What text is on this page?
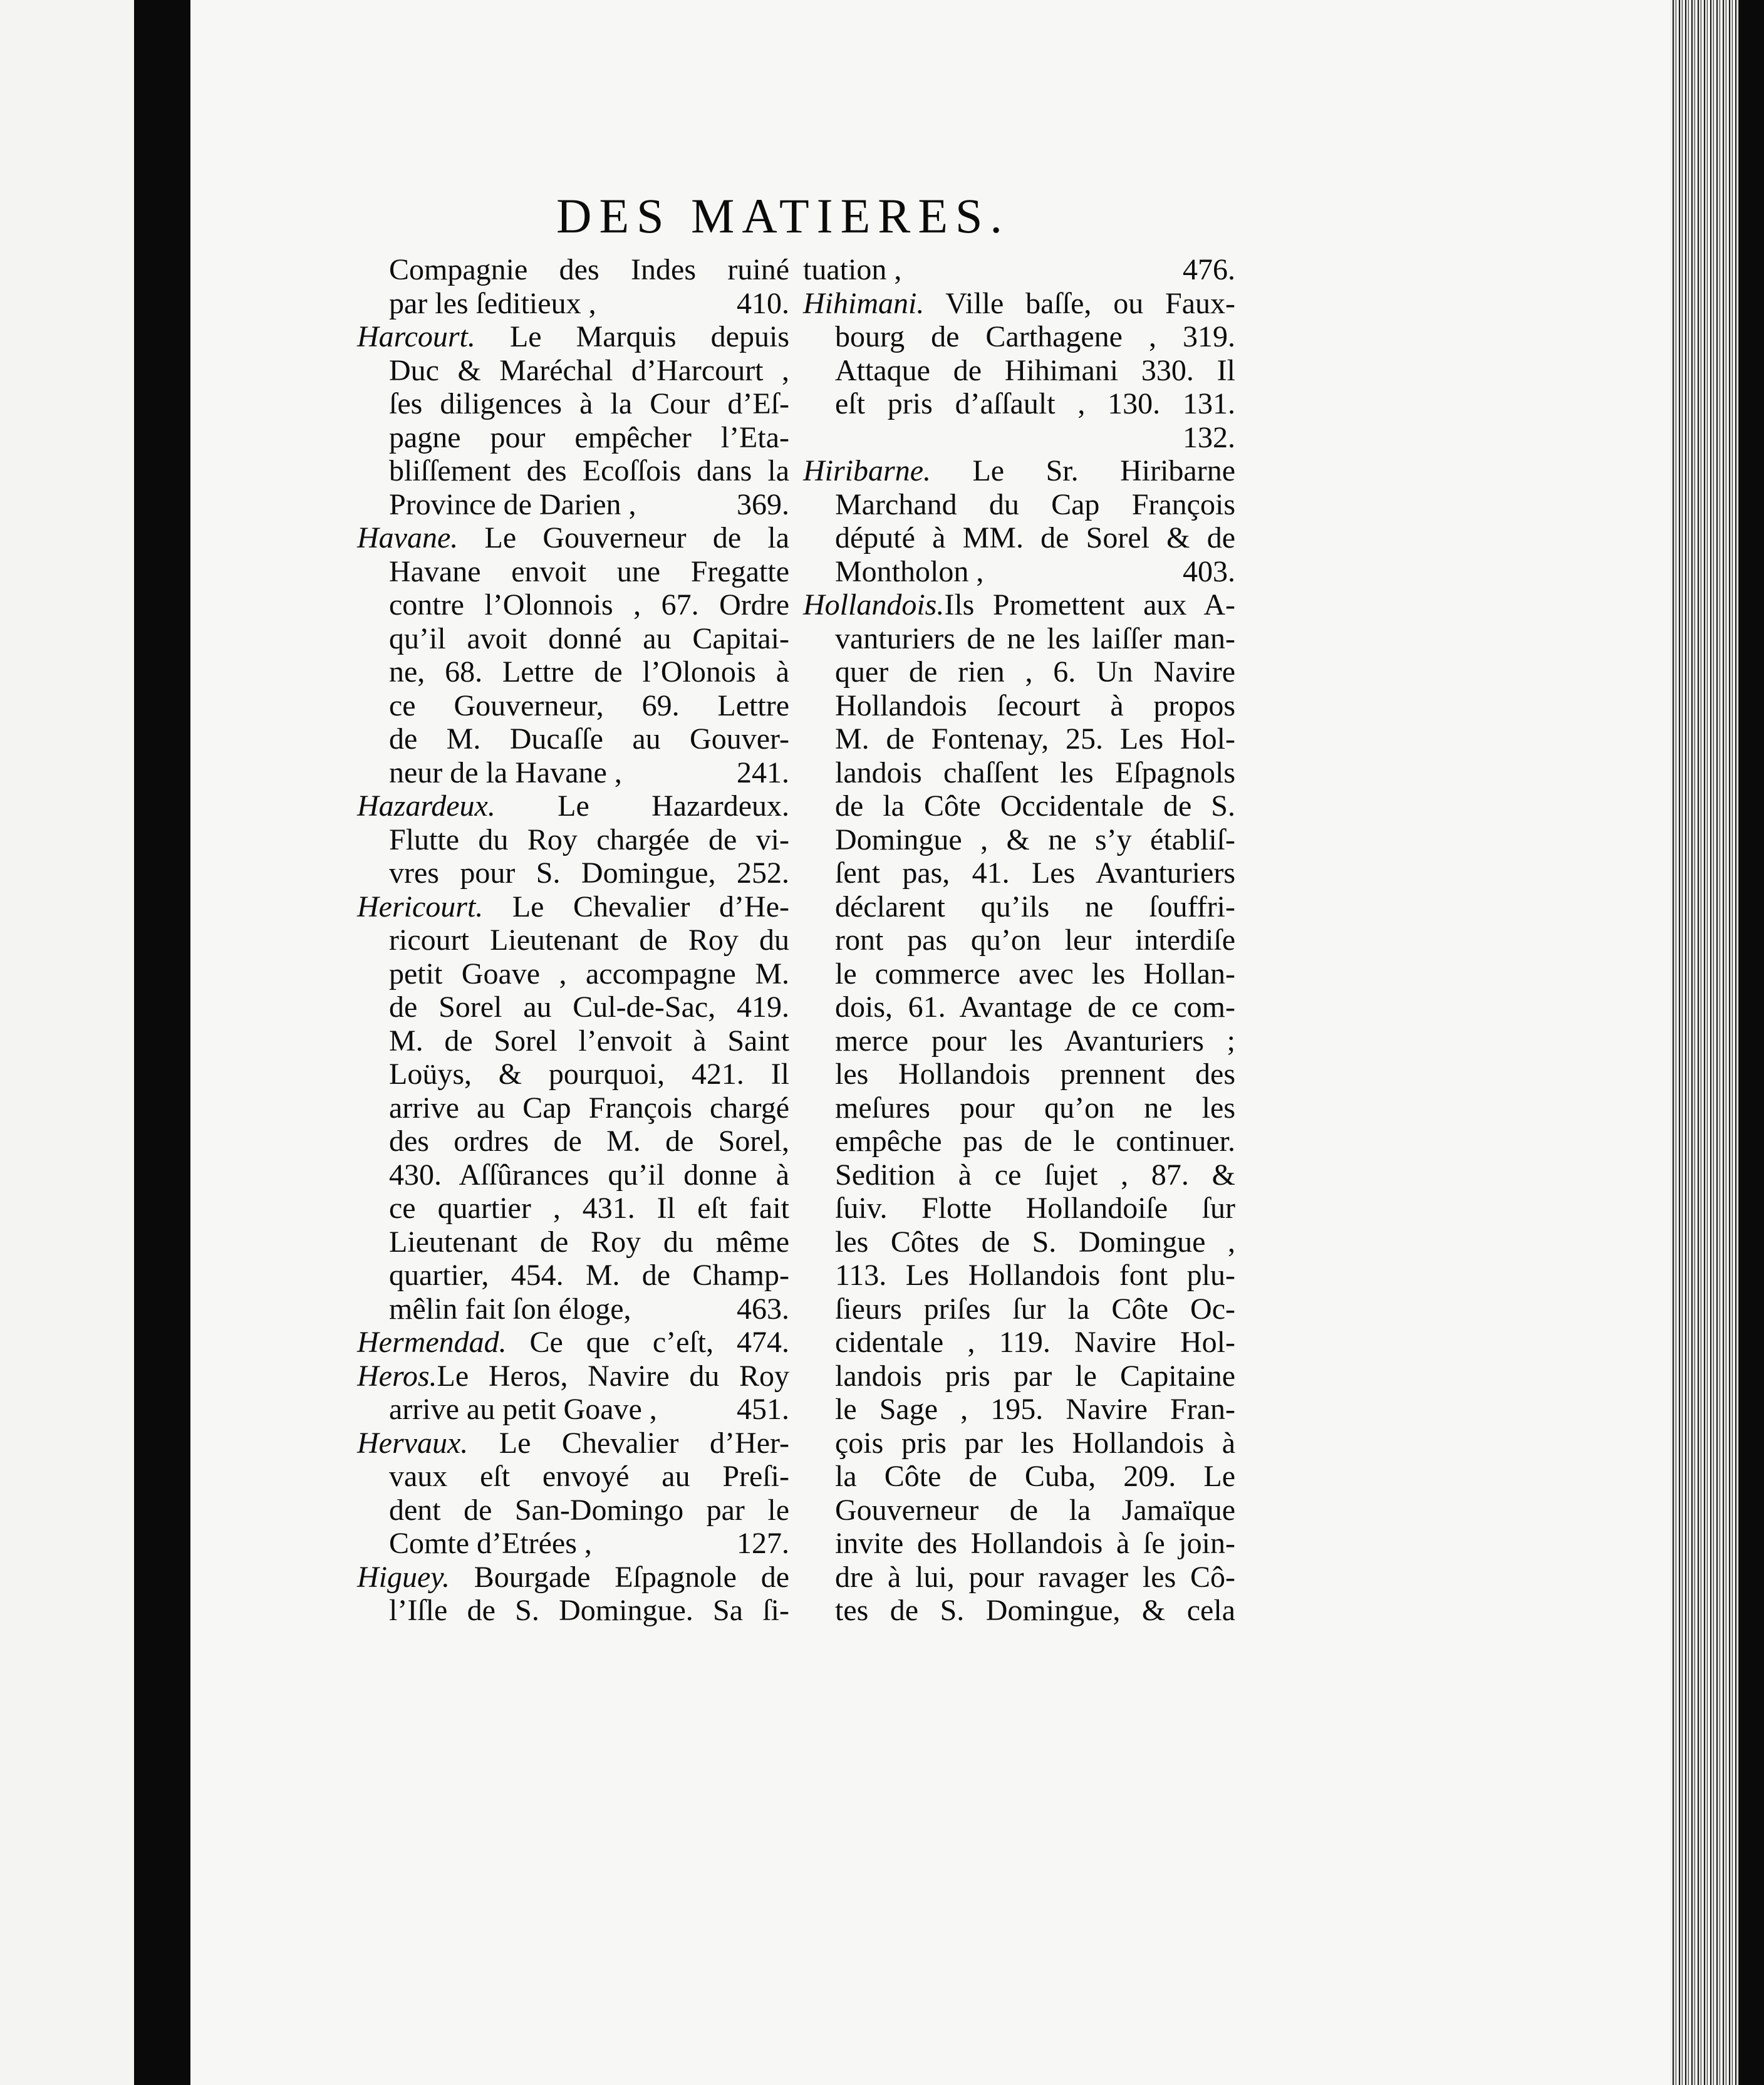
DES MATIERES.
Compagnie des Indes ruiné
par les ſeditieux ,	410.
Harcourt. Le Marquis depuis
Duc & Maréchal d’Harcourt ,
ſes diligences à la Cour d’Eſ-
pagne pour empêcher l’Eta-
bliſſement des Ecoſſois dans la
Province de Darien ,	369.
Havane. Le Gouverneur de la
Havane envoit une Fregatte
contre l’Olonnois , 67. Ordre
qu’il avoit donné au Capitai-
ne, 68. Lettre de l’Olonois à
ce Gouverneur, 69. Lettre
de M. Ducaſſe au Gouver-
neur de la Havane ,	241.
Hazardeux. Le Hazardeux.
Flutte du Roy chargée de vi-
vres pour S. Domingue, 252.
Hericourt. Le Chevalier d’He-
ricourt Lieutenant de Roy du
petit Goave , accompagne M.
de Sorel au Cul-de-Sac, 419.
M. de Sorel l’envoit à Saint
Loüys, & pourquoi, 421. Il
arrive au Cap François chargé
des ordres de M. de Sorel,
430. Aſſûrances qu’il donne à
ce quartier , 431. Il eſt fait
Lieutenant de Roy du même
quartier, 454. M. de Champ-
mêlin fait ſon éloge,	463.
Hermendad. Ce que c’eſt, 474.
Heros.Le Heros, Navire du Roy
arrive au petit Goave ,	451.
Hervaux. Le Chevalier d’Her-
vaux eſt envoyé au Preſi-
dent de San-Domingo par le
Comte d’Etrées ,	127.
Higuey. Bourgade Eſpagnole de
l’Iſle de S. Domingue. Sa ſi-
tuation ,	476.
Hihimani. Ville baſſe, ou Faux-
bourg de Carthagene , 319.
Attaque de Hihimani 330. Il
eſt pris d’aſſault , 130. 131.
132.
Hiribarne. Le Sr. Hiribarne
Marchand du Cap François
député à MM. de Sorel & de
Montholon ,	403.
Hollandois.Ils Promettent aux A-
vanturiers de ne les laiſſer man-
quer de rien , 6. Un Navire
Hollandois ſecourt à propos
M. de Fontenay, 25. Les Hol-
landois chaſſent les Eſpagnols
de la Côte Occidentale de S.
Domingue , & ne s’y établiſ-
ſent pas, 41. Les Avanturiers
déclarent qu’ils ne ſouffri-
ront pas qu’on leur interdiſe
le commerce avec les Hollan-
dois, 61. Avantage de ce com-
merce pour les Avanturiers ;
les Hollandois prennent des
meſures pour qu’on ne les
empêche pas de le continuer.
Sedition à ce ſujet , 87. &
ſuiv. Flotte Hollandoiſe ſur
les Côtes de S. Domingue ,
113. Les Hollandois font plu-
ſieurs priſes ſur la Côte Oc-
cidentale , 119. Navire Hol-
landois pris par le Capitaine
le Sage , 195. Navire Fran-
çois pris par les Hollandois à
la Côte de Cuba, 209. Le
Gouverneur de la Jamaïque
invite des Hollandois à ſe join-
dre à lui, pour ravager les Cô-
tes de S. Domingue, & cela
